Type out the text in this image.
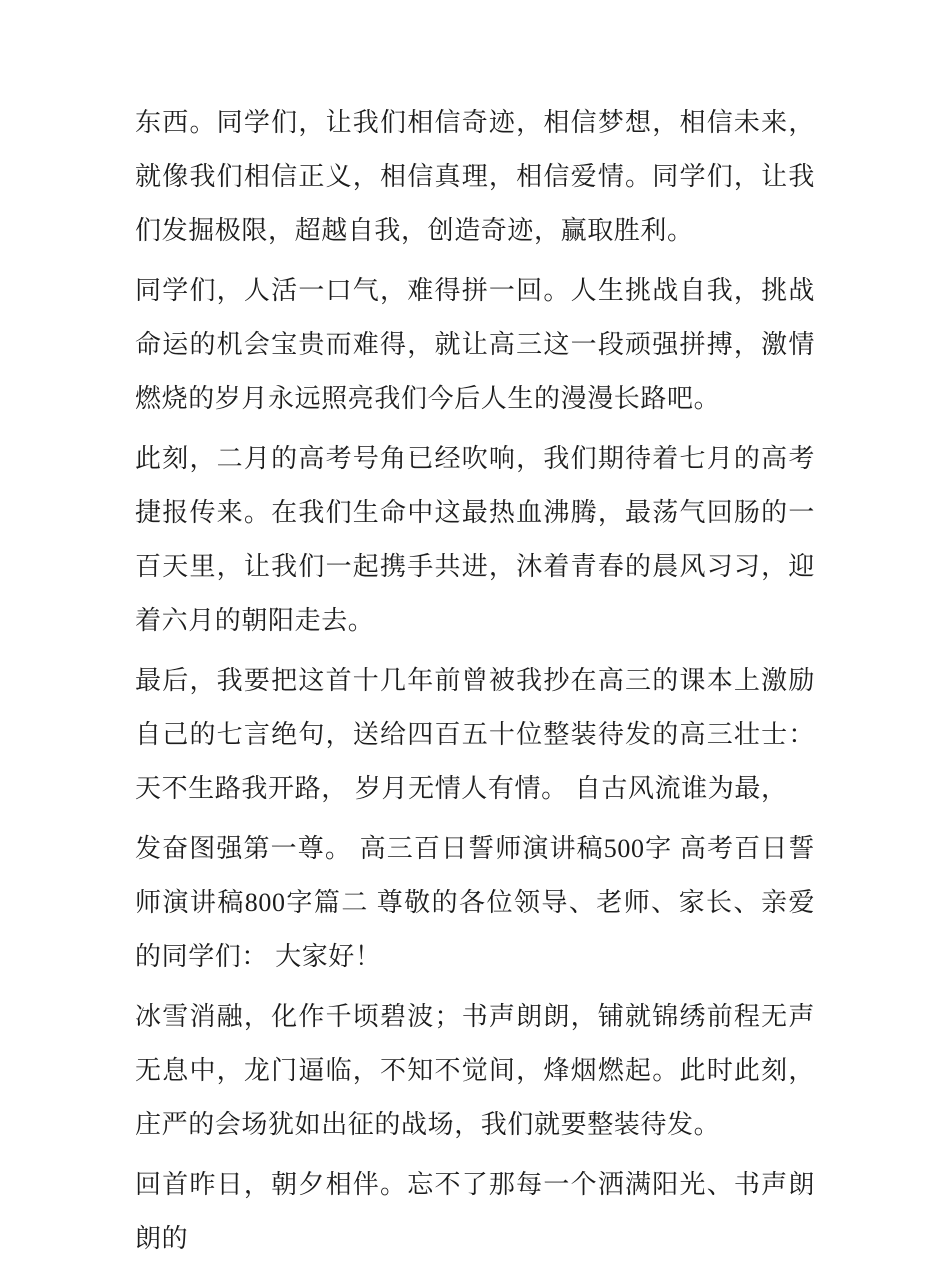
东西。同学们，让我们相信奇迹，相信梦想，相信未来，就像我们相信正义，相信真理，相信爱情。同学们，让我们发掘极限，超越自我，创造奇迹，赢取胜利。

同学们，人活一口气，难得拼一回。人生挑战自我，挑战命运的机会宝贵而难得，就让高三这一段顽强拼搏，激情燃烧的岁月永远照亮我们今后人生的漫漫长路吧。

此刻，二月的高考号角已经吹响，我们期待着七月的高考捷报传来。在我们生命中这最热血沸腾，最荡气回肠的一百天里，让我们一起携手共进，沐着青春的晨风习习，迎着六月的朝阳走去。

最后，我要把这首十几年前曾被我抄在高三的课本上激励自己的七言绝句，送给四百五十位整装待发的高三壮士： 天不生路我开路， 岁月无情人有情。 自古风流谁为最，

发奋图强第一尊。 高三百日誓师演讲稿500字 高考百日誓师演讲稿800字篇二 尊敬的各位领导、老师、家长、亲爱的同学们： 大家好！

冰雪消融，化作千顷碧波；书声朗朗，铺就锦绣前程无声无息中，龙门逼临，不知不觉间，烽烟燃起。此时此刻，庄严的会场犹如出征的战场，我们就要整装待发。

回首昨日，朝夕相伴。忘不了那每一个洒满阳光、书声朗朗的
